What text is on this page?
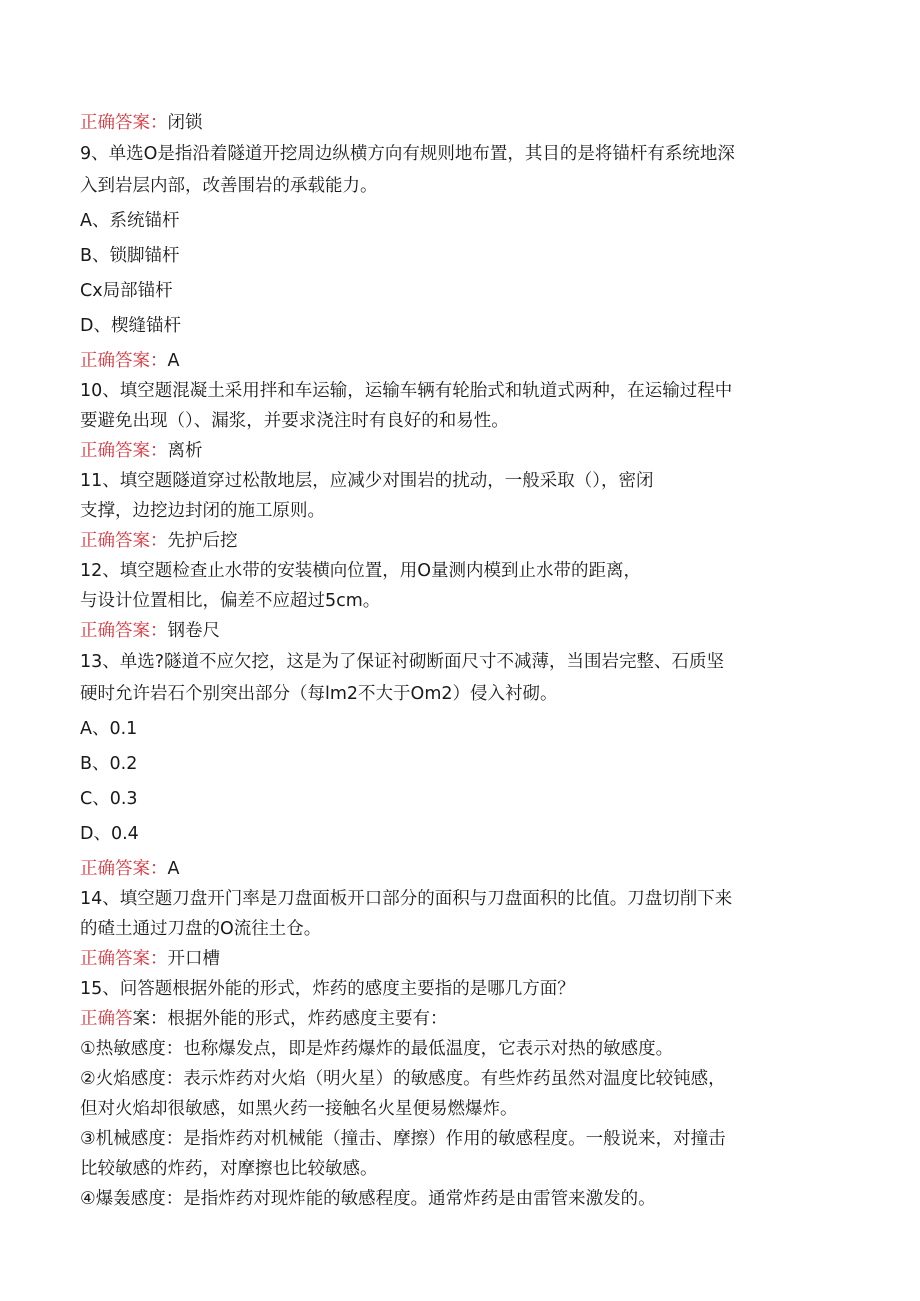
正确答案：闭锁
9、单选O是指沿着隧道开挖周边纵横方向有规则地布置，其目的是将锚杆有系统地深
入到岩层内部，改善围岩的承载能力。
A、系统锚杆
B、锁脚锚杆
Cx局部锚杆
D、楔缝锚杆
正确答案：A
10、填空题混凝土采用拌和车运输，运输车辆有轮胎式和轨道式两种，在运输过程中
要避免出现（）、漏浆，并要求浇注时有良好的和易性。
正确答案：离析
11、填空题隧道穿过松散地层，应减少对围岩的扰动，一般采取（），密闭
支撑，边挖边封闭的施工原则。
正确答案：先护后挖
12、填空题检查止水带的安装横向位置，用O量测内模到止水带的距离，
与设计位置相比，偏差不应超过5cm。
正确答案：钢卷尺
13、单选?隧道不应欠挖，这是为了保证衬砌断面尺寸不减薄，当围岩完整、石质坚
硬时允许岩石个别突出部分（每lm2不大于Om2）侵入衬砌。
A、0.1
B、0.2
C、0.3
D、0.4
正确答案：A
14、填空题刀盘开门率是刀盘面板开口部分的面积与刀盘面积的比值。刀盘切削下来
的碴土通过刀盘的O流往土仓。
正确答案：开口槽
15、问答题根据外能的形式，炸药的感度主要指的是哪几方面？
正确答案：根据外能的形式，炸药感度主要有：
①热敏感度：也称爆发点，即是炸药爆炸的最低温度，它表示对热的敏感度。
②火焰感度：表示炸药对火焰（明火星）的敏感度。有些炸药虽然对温度比较钝感，
但对火焰却很敏感，如黑火药一接触名火星便易燃爆炸。
③机械感度：是指炸药对机械能（撞击、摩擦）作用的敏感程度。一般说来，对撞击
比较敏感的炸药，对摩擦也比较敏感。
④爆轰感度：是指炸药对现炸能的敏感程度。通常炸药是由雷管来激发的。
